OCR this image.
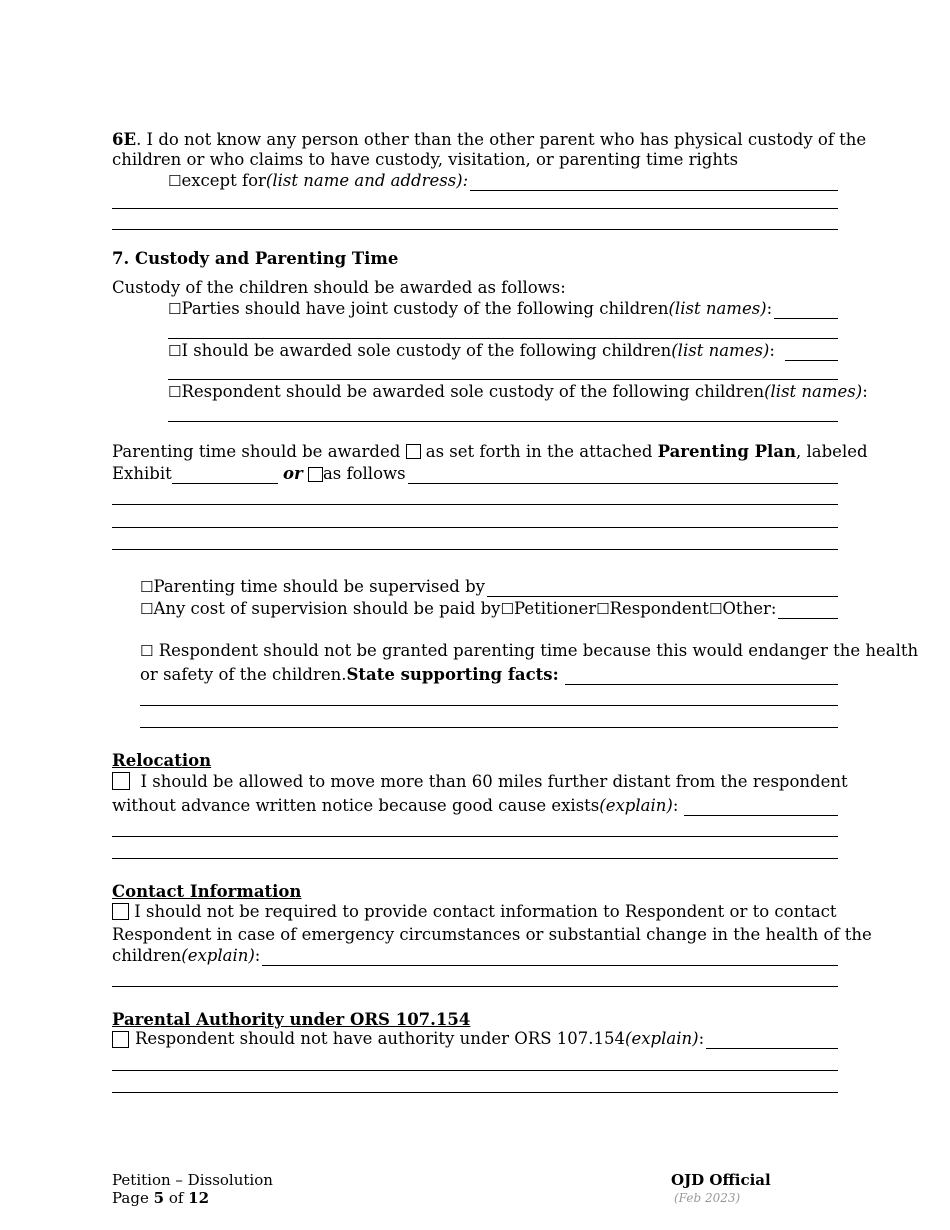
6E. I do not know any person other than the other parent who has physical custody of the
children or who claims to have custody, visitation, or parenting time rights
☐ except for (list name and address):
7. Custody and Parenting Time
Custody of the children should be awarded as follows:
☐ Parties should have joint custody of the following children (list names) :
☐ I should be awarded sole custody of the following children (list names) :
☐ Respondent should be awarded sole custody of the following children (list names) :
Parenting time should be awarded  as set forth in the attached Parenting Plan, labeled
Exhibit
	or
as follows
☐ Parenting time should be supervised by
☐ Any cost of supervision should be paid by ☐ Petitioner ☐ Respondent ☐ Other:
☐ Respondent should not be granted parenting time because this would endanger the health
or safety of the children. State supporting facts:
Relocation
I should be allowed to move more than 60 miles further distant from the respondent
without advance written notice because good cause exists (explain) :
Contact Information
I should not be required to provide contact information to Respondent or to contact
Respondent in case of emergency circumstances or substantial change in the health of the
children (explain) :
Parental Authority under ORS 107.154
Respondent should not have authority under ORS 107.154 (explain) :
Petition – Dissolution
Page 5 of 12
OJD Official
(Feb 2023)
